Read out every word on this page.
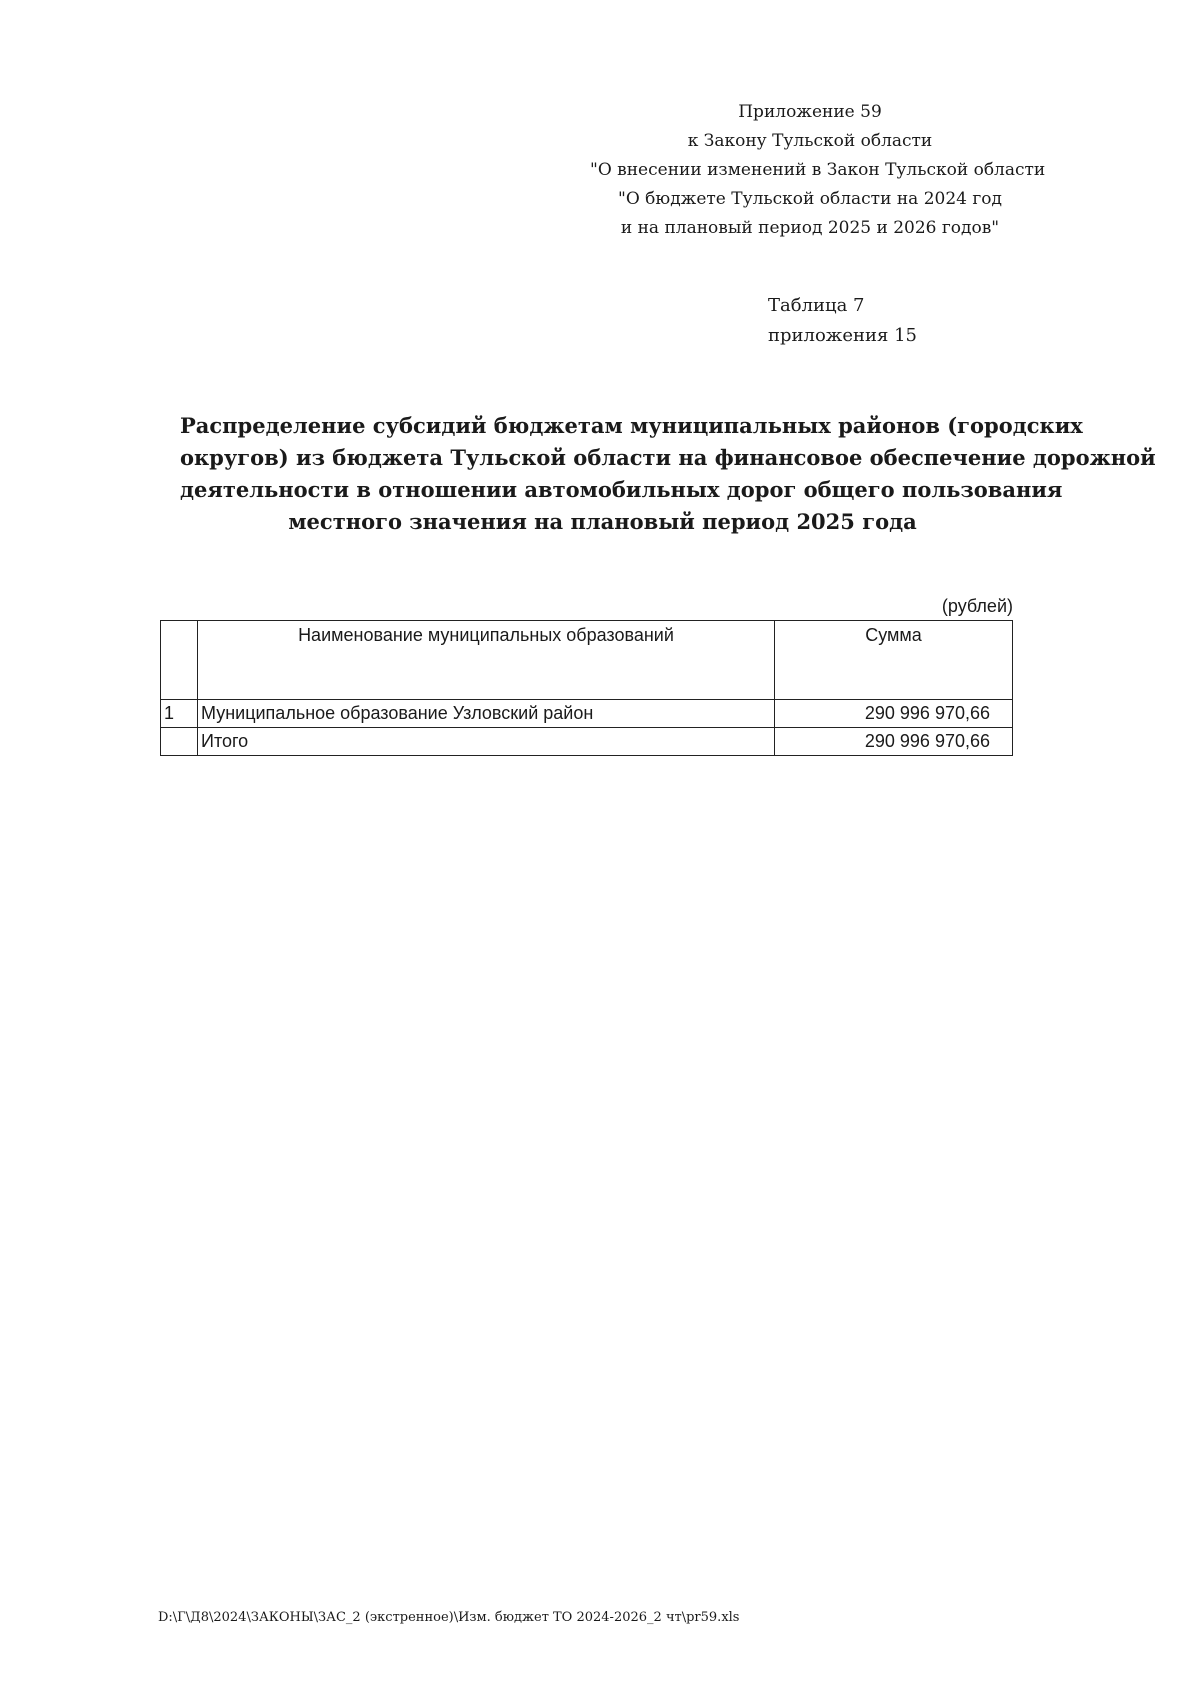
Приложение 59
к Закону Тульской области
"О внесении изменений в Закон Тульской области
"О бюджете Тульской области на 2024 год
и на плановый период 2025 и 2026 годов"
Таблица 7
приложения 15
Распределение субсидий бюджетам муниципальных районов (городских
округов) из бюджета Тульской области на финансовое обеспечение дорожной
деятельности в отношении автомобильных дорог общего пользования
местного значения на плановый период 2025 года
(рублей)
	Наименование муниципальных образований	Сумма
1	Муниципальное образование Узловский район	290 996 970,66
	Итого	290 996 970,66
D:\Г\Д8\2024\ЗАКОНЫ\ЗАС_2 (экстренное)\Изм. бюджет ТО 2024-2026_2 чт\pr59.xls
